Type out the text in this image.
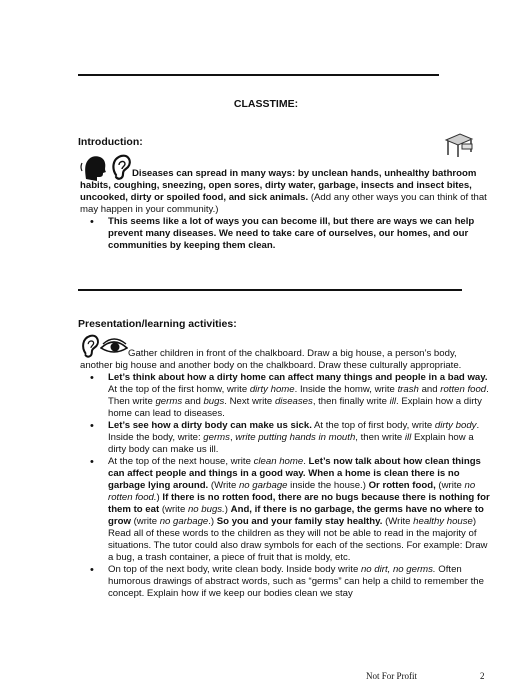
CLASSTIME:
Introduction:

Diseases can spread in many ways: by unclean hands, unhealthy bathroom habits, coughing, sneezing, open sores, dirty water, garbage, insects and insect bites, uncooked, dirty or spoiled food, and sick animals. (Add any other ways you can think of that may happen in your community.)

• This seems like a lot of ways you can become ill, but there are ways we can help prevent many diseases. We need to take care of ourselves, our homes, and our communities by keeping them clean.
Presentation/learning activities:

Gather children in front of the chalkboard. Draw a big house, a person’s body, another big house and another body on the chalkboard. Draw these culturally appropriate.

• Let’s think about how a dirty home can affect many things and people in a bad way. At the top of the first homw, write dirty home. Inside the homw, write trash and rotten food. Then write germs and bugs. Next write diseases, then finally write ill. Explain how a dirty home can lead to diseases.
• Let’s see how a dirty body can make us sick. At the top of first body, write dirty body. Inside the body, write: germs, write putting hands in mouth, then write ill Explain how a dirty body can make us ill.
• At the top of the next house, write clean home. Let’s now talk about how clean things can affect people and things in a good way. When a home is clean there is no garbage lying around. (Write no garbage inside the house.) Or rotten food, (write no rotten food.) If there is no rotten food, there are no bugs because there is nothing for them to eat (write no bugs.) And, if there is no garbage, the germs have no where to grow (write no garbage.) So you and your family stay healthy. (Write healthy house) Read all of these words to the children as they will not be able to read in the majority of situations. The tutor could also draw symbols for each of the sections. For example: Draw a bug, a trash container, a piece of fruit that is moldy, etc.
• On top of the next body, write clean body. Inside body write no dirt, no germs. Often humorous drawings of abstract words, such as “germs” can help a child to remember the concept. Explain how if we keep our bodies clean we stay
Not For Profit	2
